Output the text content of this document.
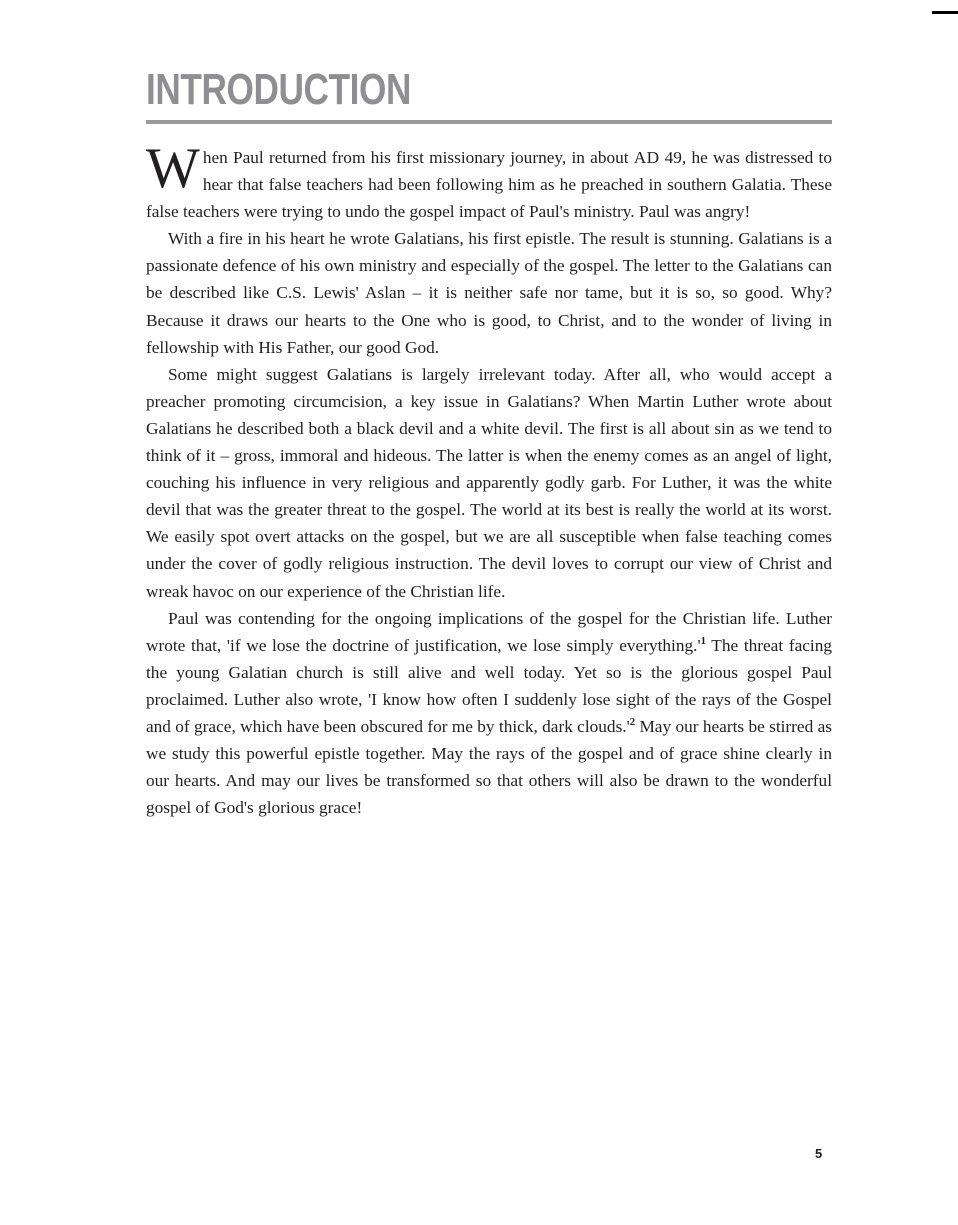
INTRODUCTION

W hen Paul returned from his first missionary journey, in about AD 49, he was distressed to hear that false teachers had been following him as he preached in southern Galatia. These false teachers were trying to undo the gospel impact of Paul's ministry. Paul was angry!

With a fire in his heart he wrote Galatians, his first epistle. The result is stunning. Galatians is a passionate defence of his own ministry and especially of the gospel. The letter to the Galatians can be described like C.S. Lewis' Aslan – it is neither safe nor tame, but it is so, so good. Why? Because it draws our hearts to the One who is good, to Christ, and to the wonder of living in fellowship with His Father, our good God.

Some might suggest Galatians is largely irrelevant today. After all, who would accept a preacher promoting circumcision, a key issue in Galatians? When Martin Luther wrote about Galatians he described both a black devil and a white devil. The first is all about sin as we tend to think of it – gross, immoral and hideous. The latter is when the enemy comes as an angel of light, couching his influence in very religious and apparently godly garb. For Luther, it was the white devil that was the greater threat to the gospel. The world at its best is really the world at its worst. We easily spot overt attacks on the gospel, but we are all susceptible when false teaching comes under the cover of godly religious instruction. The devil loves to corrupt our view of Christ and wreak havoc on our experience of the Christian life.

Paul was contending for the ongoing implications of the gospel for the Christian life. Luther wrote that, 'if we lose the doctrine of justification, we lose simply everything.'$^1$ The threat facing the young Galatian church is still alive and well today. Yet so is the glorious gospel Paul proclaimed. Luther also wrote, 'I know how often I suddenly lose sight of the rays of the Gospel and of grace, which have been obscured for me by thick, dark clouds.'$^2$ May our hearts be stirred as we study this powerful epistle together. May the rays of the gospel and of grace shine clearly in our hearts. And may our lives be transformed so that others will also be drawn to the wonderful gospel of God's glorious grace!

5
